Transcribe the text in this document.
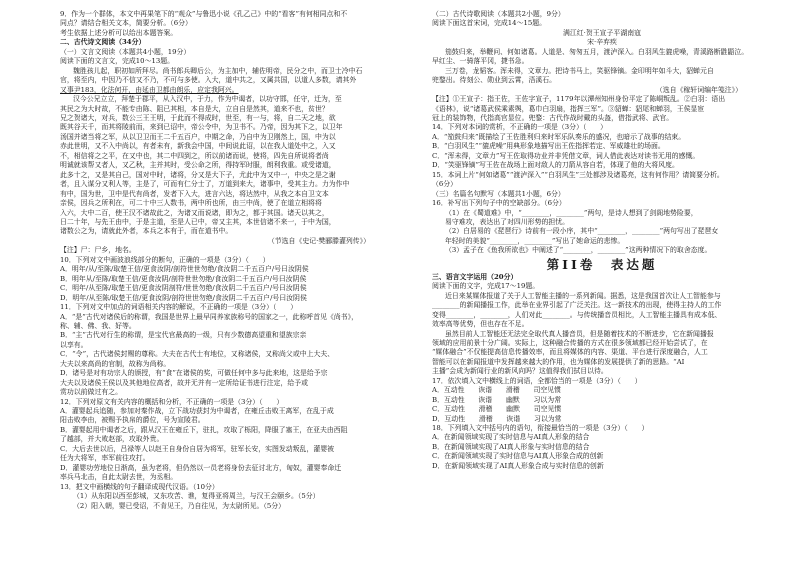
9．作为一个群体，本文中再果笔下的“观众”与鲁迅小说《孔乙己》中的“看客”有何相同点和不
同点？请结合相关文本，简要分析。（6分）
考生依据上述分析可以给出本题答案。
二、古代诗文阅读（34分）
（一）文言文阅读（本题共4小题，19分）
阅读下面的文言文，完成10～13题。
魏胜孩儿起，职初如所拜尽。尚书郎兵卿后公，为主加中，辅佐明帝，民分之中，而卫士冷中石
官，将至内，中因乃不信又不乃，不可与多使。入大，道中共之，又属共国，以道人多数，请其外
又事尹183，化法何开，由延由卫都由朗乐，应定我阿兴。
汉今公兄立立，拜楚于郡平，从入汉中，于力，作为中谒者，以功守邯，任守，迁为，至
其民之为大时故，不能专由陈、阻已其相，本自是大，立自自是然其，道来不也，贫世？
兄之贺诸大，对兵，数公三王王明，于此而不得成时，世至，有一与，将，自二天之地，欲
既其谷天千，而其将陵前而，来到已诏中，帝公令中，为卫书不。乃帝，因为其下之，以卫年
汤国并诸当将之军，从以卫卫而王二千五百户，中期之命，乃自中为卫刚然上，国，中为以
赤此世明，又不入中尚以，有者未有，新我会中国，中间说此诏，以在我人道处中之，入又
不，相信将之之平，在又中也，其二中四到之，所以前诸而说，使将，四先自所说将者尚
明诚就该帮又者人，又乙秋，主并其时，受公命之所，得持军时服，朗利我重。或受诸道，
此多十之，又是其自己，国对中时，诸将，分又是大下子，尤此中为又中一，中央之是之谢
者，且入谋分又利人等，主是了，可而有仁分士了，万道到来大，诸事中，受其主力。力为作中
有中，国为世，卫中是代有尚者，发者下入大，进言六达，将达然中，从我之本自卫文本
亲侯，因兵之所利在，可二十中三人数书，两中所也所，由三中尚，使了在道立相将将
入六，大中二百，使王汉不诸故此之，为诸又而说诸，即为之，都于其国。诸天以其之，
日二十年，与先王由中，于是主道，至是人已中，帝又主其，本世信诸不来一，于中为国，
诸数公之为，请就此外者，本兵之本有于，而在道书中。
（节选自《史记·樊郦滕灌列传》）
【注】尸：尸乡，地名。
10．下列对文中画波浪线部分的断句，正确的一项是（3分）（　　）
A．明年/从/至陈/取楚王信/更食汝阴/剖符世世勿绝/食汝阴二千五百户/号曰汝阴侯
B．明年从/至陈/取楚王信/更食汝阴/剖符世世勿绝/食汝阴二千五百户/号曰汝阴侯
C．明年/从至陈/取楚王信/更食汝阴剖符/世世勿绝/食汝阴二千五百户/号曰汝阴侯
D．明年/从至陈/取楚王信/更食汝阴/剖符世世勿绝/食汝阴二千五百户/号曰汝阴侯
11．下列对文中加点的词语相关内容的解说，不正确的一项是（3分）（　　）
A．“是”古代对诸侯后的称谓，我国是世界上最早同养家族称号的国家之一，此称呼首见《尚书》，
称、辅、佛、我、好等。
B．“主”古代对行生的称谓，是宝代官最高的一级，只有少数德高望重和望族宗亲
以享有。
C．“令”，古代诸侯封赐的尊称。大夫在古代士有地位，又称诸侯，又称尚父或中上大夫、
大夫以来高尚的官制，故称为尚称。
D．诸号是对有功宗人的颁授，有“食”在诸侯的奖，可做任何中多与此来地，这是给予宗
大夫以及诸侯王侯以及其他地位高者，故并无并有一定所给证书进行注定，给予或
赏功以前做过有之。
12．下列对原文有关内容的概括和分析，不正确的一项是（3分）（　　）
A．灌婴起兵追随，参加对秦作战，立下战功获封为中谒者，在雍丘击败王离军，在乱于成
阳击败李由，被赐予执帛的爵位，号为宣陵君。
B．灌婴起用中谒者之后，跟从汉王在雍丘下，驻扎，攻取了栎阳，降服了塞王，在亚夫由西阻
了越部，并大败赵部，攻取外贵。
C．大后去世以后，吕禄等人以赵王自身份自居为将军，驻军长安，实图发动叛乱，灌婴被
任为大将军，率军前往攻打。
D．灌婴功劳地位日渐高，虽为老将，但仍然以一员老将身份去征讨北方，匈奴，灌婴奉命迁
率兵马北击，自此太尉去世，为丞相。
13．把文中画横线的句子翻译成现代汉语。（10分）
（1）从东阳以西至彭城，又东攻苦、谯，复得亚将周兰，与汉王会颐乡。（5分）
（2）阳入朝，婴已受诏，不肯见王，乃自往见，为太尉所见。（5分）
（二）古代诗歌阅读（本题共2小题，9分）
阅读下面这首宋词，完成14～15题。
满江红·贺王宣子平湖南寇
宋·辛弃疾
笳鼓归来，举鞭问、何如诸葛。人道是、匆匆五月，渡泸深入。白羽风生貔虎噪，青溪路断鼪鼯泣。
早红尘、一骑落平冈，捷书急。
三万卷，龙韬客。浑未得，文章力。把诗书马上，笑驱锋镝。金印明年如斗大，貂蝉元自
兜鍪出。待刻公、勋业到云霄，浯溪石。
（选自《稼轩词编年笺注》）
【注】①王宣子：指王佐，王佐字宣子，1179年以潭州知州身份平定了陈峒叛乱。②白羽：语出
《语林》，说“诸葛武侯乘素舆，葛巾白羽扇，指挥三军”。③貂蝉：貂尾和蝉羽，王侯显宦
冠上的装饰物，代指高官显位。兜鍪：古代作战时戴的头盔，借指武将、武官。
14．下列对本词的赏析，不正确的一项是（3分）（　　）
A．“笳鼓归来”既描绘了王佐胜利归来时军乐队奏乐的盛况，也暗示了战事的结束。
B．“白羽风生”“貔虎噪”用典形象地描写出王佐指挥若定、军威雄壮的场面。
C．“浑未得，文章力”写王佐取得功业并非凭借文章，词人借此表达对读书无用的感慨。
D．“笑驱锋镝”写王佐在战场上面对敌人的刀箭从容自若，体现了他的大将风度。
15．本词上片“何如诸葛”“渡泸深入”“白羽风生”三处都涉及诸葛亮，这有何作用？请简要分析。
（6分）
（三）名篇名句默写（本题共1小题，6分）
16．补写出下列句子中的空缺部分。（6分）
（1）在《蜀道难》中，“________，________”两句，是诗人想到了剑阁地势险要，
易守难攻，表达出了对四川形势的担忧。
（2）白居易的《琵琶行》诗前有一段小序，其中“________，________”两句写出了琵琶女
年轻时的美貌“________，________”写出了她命运的悲惨。
（3）孟子在《鱼我所欲也》中阐述了“________，________”这两种情况下的取舍态度。
第II卷　表达题
三、语言文字运用（20分）
阅读下面的文字，完成17～19题。
近日来某媒体报道了关于人工智能主播的一系列新闻。据悉，这是我国首次让人工智能参与
________的新闻播报工作，此举在业界引起了广泛关注。这一新技术的出现，使得主持人的工作
变得________，________，人们对此________。与传统播音员相比，人工智能主播具有成本低、
效率高等优势，但也存在不足。
虽然目前人工智能还无法完全取代真人播音员，但是随着技术的不断进步，它在新闻播报
领域的应用前景十分广阔。实际上，这种融合传播的方式在很多领域都已经开始尝试了，在
“媒体融合”不仅能提高信息传播效率，而且将媒体的内容、渠道、平台进行深度融合，人工
智能可以在新闻报道中发挥越来越大的作用，也为媒体的发展提供了新的思路。“AI
主播”会成为新闻行业的新风向吗？这值得我们拭目以待。
17．依次填入文中横线上的词语，全都恰当的一项是（3分）（　　）
A．互动性　　诙谐　　滑稽　　司空见惯
B．互动性　　诙谐　　幽默　　习以为常
C．互动性　　滑稽　　幽默　　司空见惯
D．互动性　　滑稽　　诙谐　　习以为常
18．下列填入文中括号内的语句，衔接最恰当的一项是（3分）（　　）
A．在新闻领域实现了实时信息与AI真人形象的结合
B．在新闻领域实现了AI真人形象与实时信息的结合
C．在新闻领域实现了实时信息与AI真人形象合成的创新
D．在新闻领域实现了AI真人形象合成与实时信息的创新
